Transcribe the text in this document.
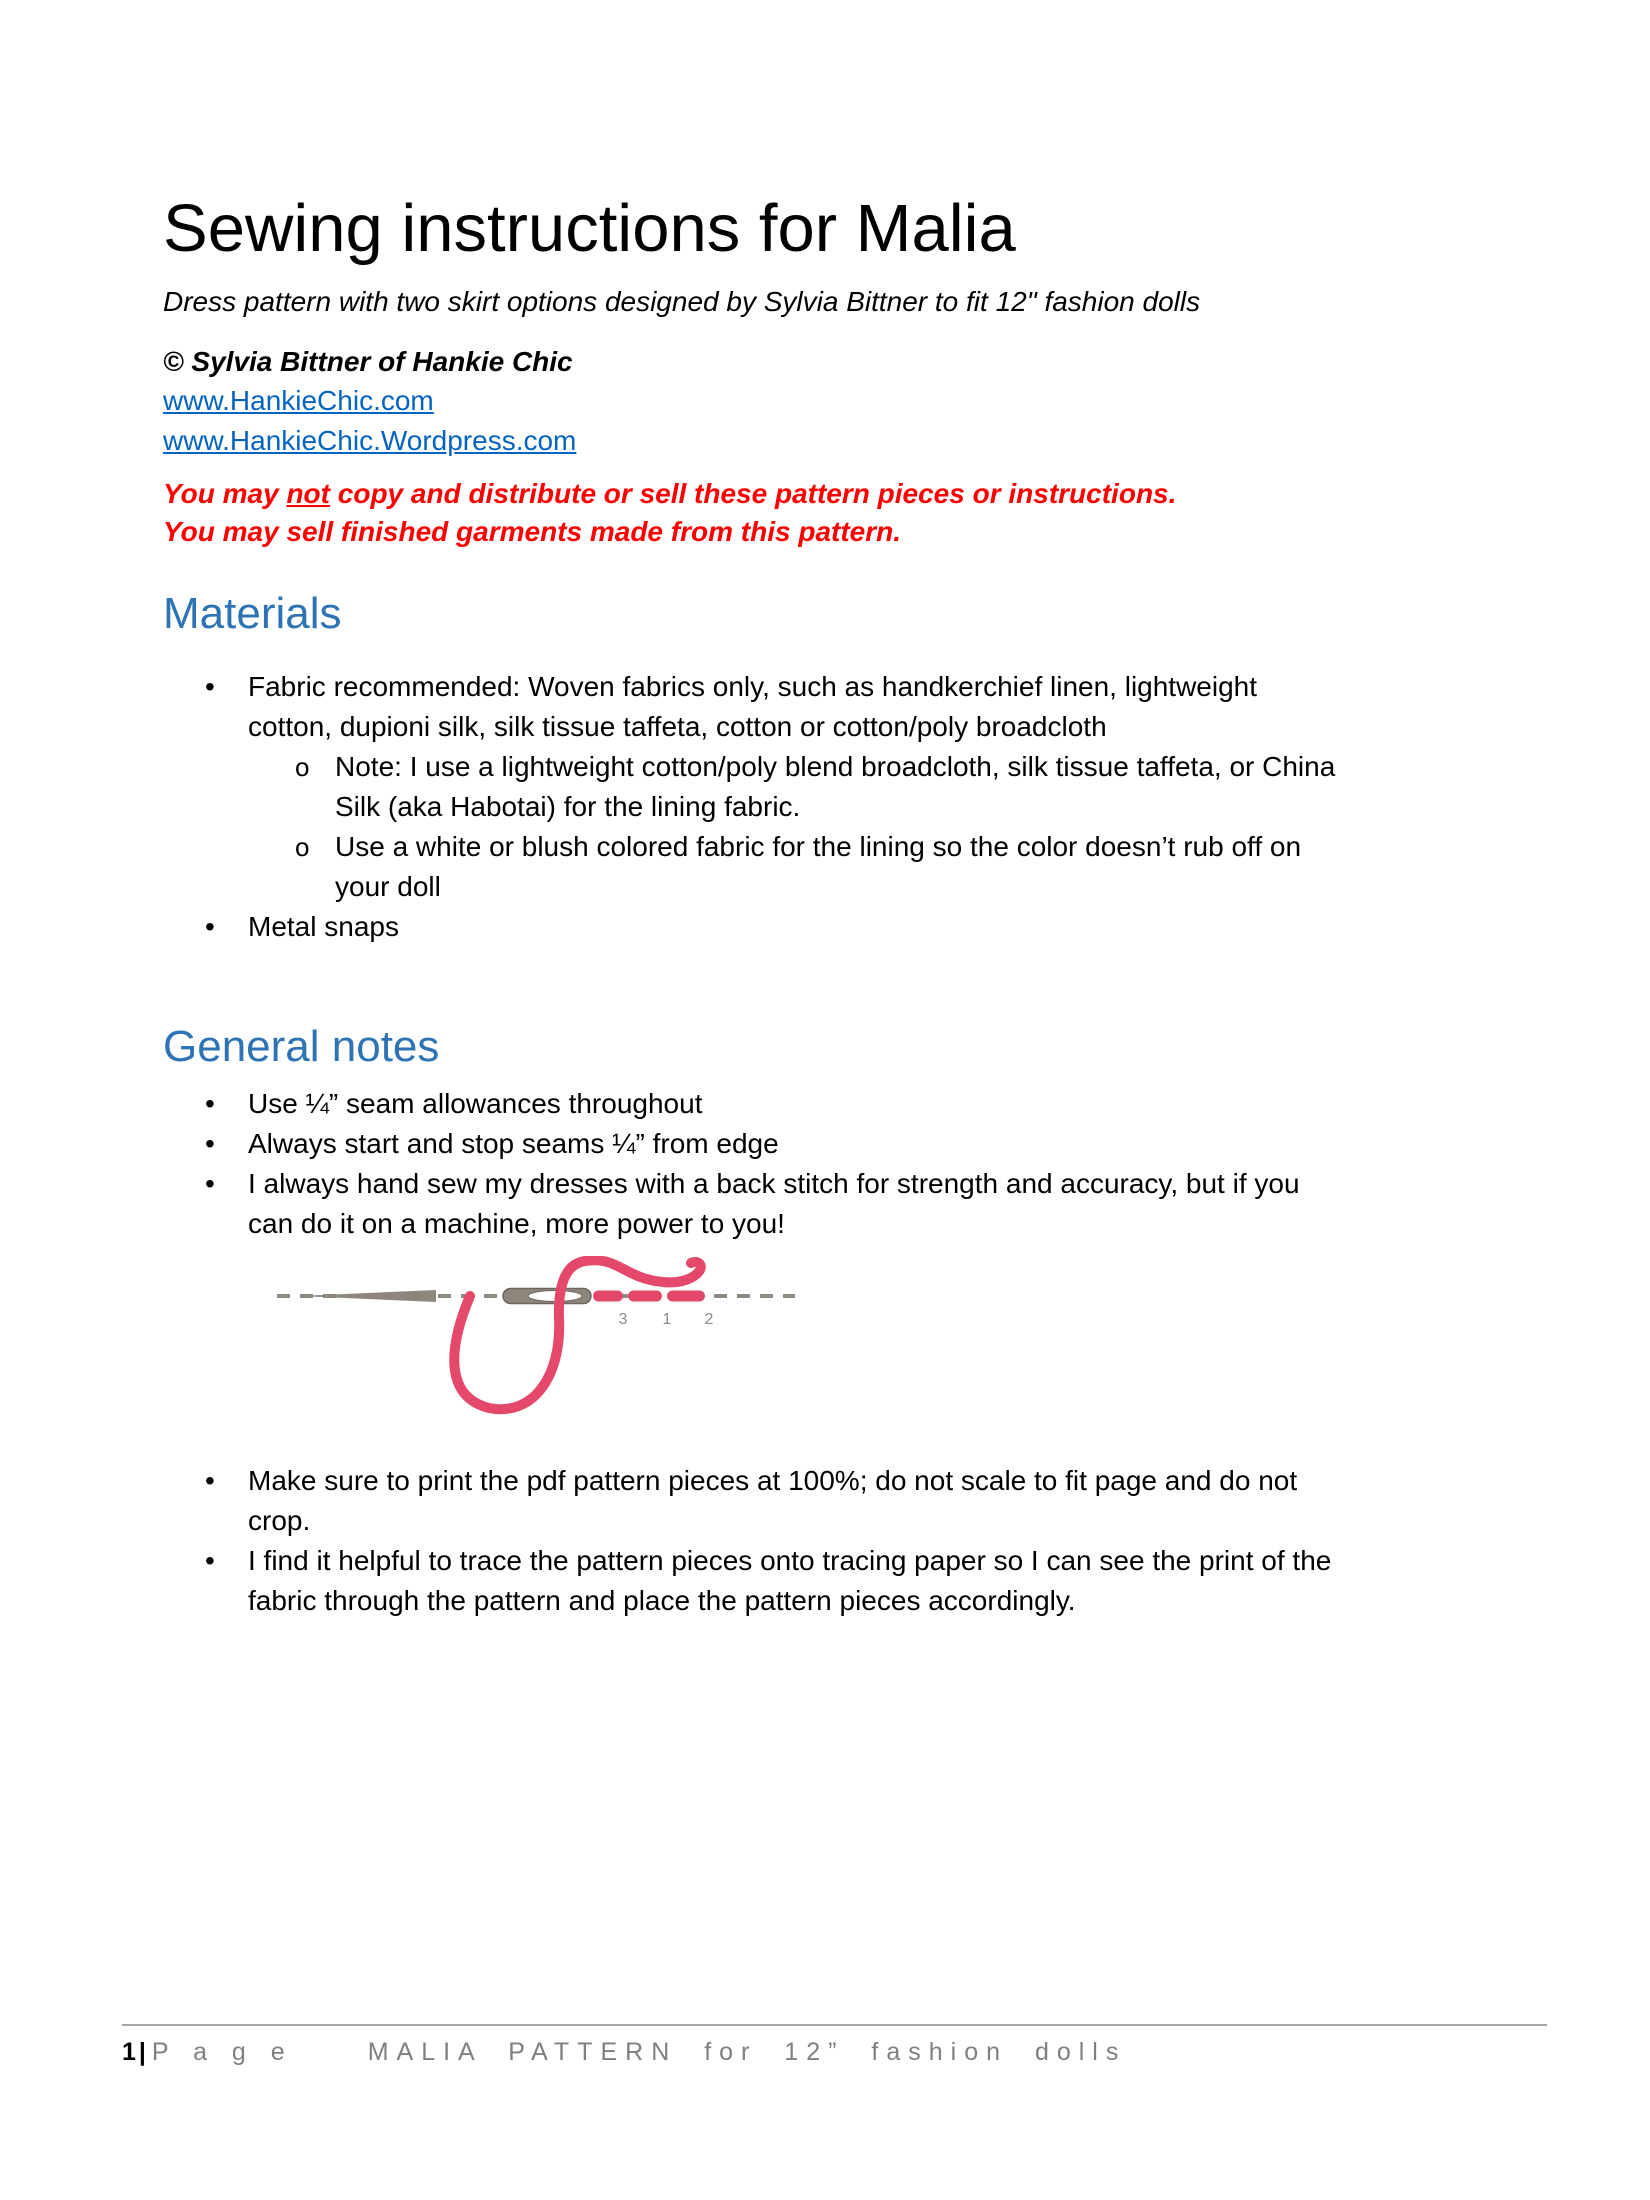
Sewing instructions for Malia

Dress pattern with two skirt options designed by Sylvia Bittner to fit 12" fashion dolls

© Sylvia Bittner of Hankie Chic

www.HankieChic.com

www.HankieChic.Wordpress.com

You may not copy and distribute or sell these pattern pieces or instructions.
You may sell finished garments made from this pattern.

Materials
•	Fabric recommended: Woven fabrics only, such as handkerchief linen, lightweight
cotton, dupioni silk, silk tissue taffeta, cotton or cotton/poly broadcloth
o Note: I use a lightweight cotton/poly blend broadcloth, silk tissue taffeta, or China
Silk (aka Habotai) for the lining fabric.
o Use a white or blush colored fabric for the lining so the color doesn’t rub off on
your doll
•	Metal snaps
General notes
•	Use ¼” seam allowances throughout
•	Always start and stop seams ¼” from edge
•	I always hand sew my dresses with a back stitch for strength and accuracy, but if you
can do it on a machine, more power to you!
3 1 2
•	Make sure to print the pdf pattern pieces at 100%; do not scale to fit page and do not
crop.
•	I find it helpful to trace the pattern pieces onto tracing paper so I can see the print of the
fabric through the pattern and place the pattern pieces accordingly.
1 | P a g e	MALIA PATTERN for 12” fashion dolls
